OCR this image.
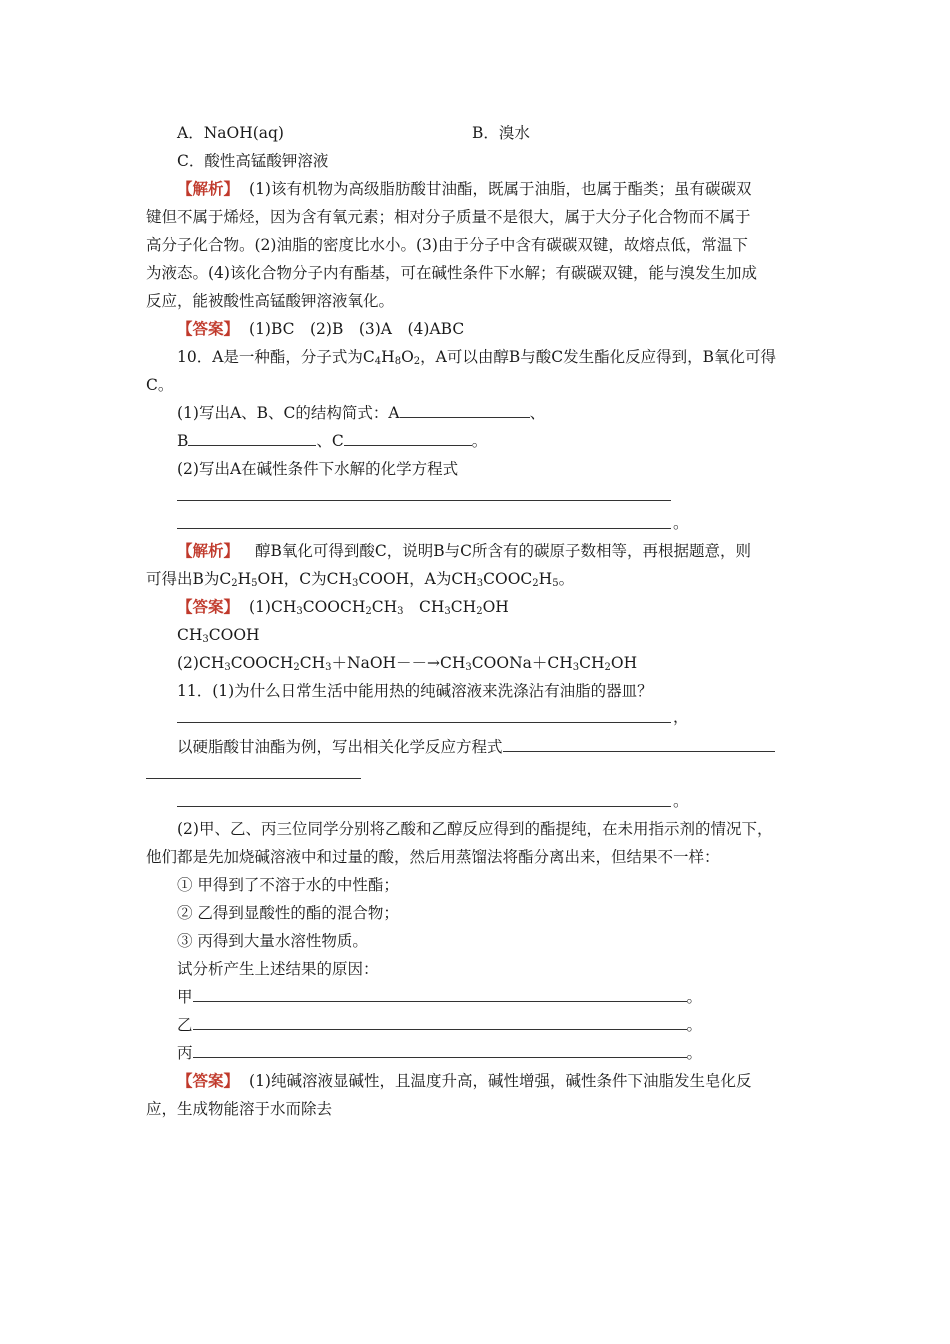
A．NaOH(aq)	B．溴水
C．酸性高锰酸钾溶液
【解析】 (1)该有机物为高级脂肪酸甘油酯，既属于油脂，也属于酯类；虽有碳碳双
键但不属于烯烃，因为含有氧元素；相对分子质量不是很大，属于大分子化合物而不属于
高分子化合物。(2)油脂的密度比水小。(3)由于分子中含有碳碳双键，故熔点低，常温下
为液态。(4)该化合物分子内有酯基，可在碱性条件下水解；有碳碳双键，能与溴发生加成
反应，能被酸性高锰酸钾溶液氧化。
【答案】 (1)BC　(2)B　(3)A　(4)ABC
10．A是一种酯，分子式为$C_4H_8O_2$，A可以由醇B与酸C发生酯化反应得到，B氧化可得
C。
(1)写出A、B、C的结构简式：A	、
B	、C	。
(2)写出A在碱性条件下水解的化学方程式
。
【解析】 醇B氧化可得到酸C，说明B与C所含有的碳原子数相等，再根据题意，则
可得出B为$C_2H_5OH$，C为$CH_3COOH$，A为$CH_3COOC_2H_5$。
【答案】 $(1)CH_3COOCH_2CH_3$　$CH_3CH_2OH$
$CH_3COOH$
$(2)CH_3COOCH_2CH_3+NaOH--\to CH_3COONa+CH_3CH_2OH$
11．(1)为什么日常生活中能用热的纯碱溶液来洗涤沾有油脂的器皿？
，
以硬脂酸甘油酯为例，写出相关化学反应方程式
。
(2)甲、乙、丙三位同学分别将乙酸和乙醇反应得到的酯提纯，在未用指示剂的情况下，
他们都是先加烧碱溶液中和过量的酸，然后用蒸馏法将酯分离出来，但结果不一样：
① 甲得到了不溶于水的中性酯；
② 乙得到显酸性的酯的混合物；
③ 丙得到大量水溶性物质。
试分析产生上述结果的原因：
甲	。
乙	。
丙	。
【答案】 (1)纯碱溶液显碱性，且温度升高，碱性增强，碱性条件下油脂发生皂化反
应，生成物能溶于水而除去
